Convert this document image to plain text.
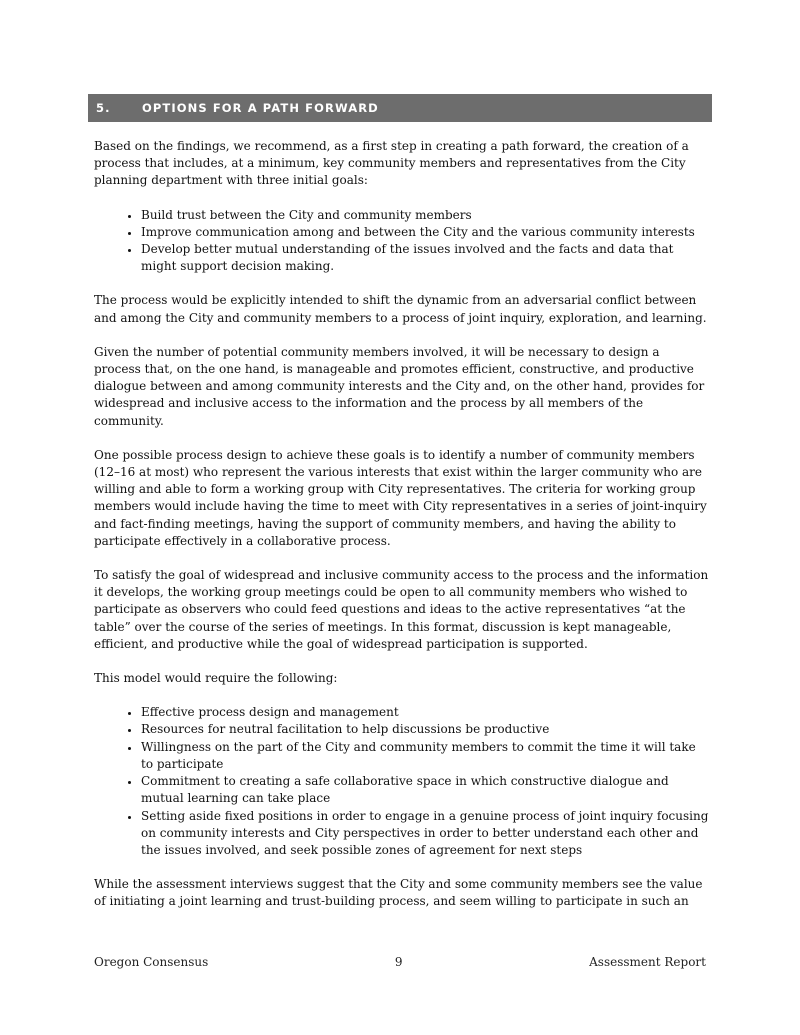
5.	OPTIONS FOR A PATH FORWARD

Based on the findings, we recommend, as a first step in creating a path forward, the creation of a process that includes, at a minimum, key community members and representatives from the City planning department with three initial goals:

• Build trust between the City and community members
• Improve communication among and between the City and the various community interests
• Develop better mutual understanding of the issues involved and the facts and data that might support decision making.

The process would be explicitly intended to shift the dynamic from an adversarial conflict between and among the City and community members to a process of joint inquiry, exploration, and learning.

Given the number of potential community members involved, it will be necessary to design a process that, on the one hand, is manageable and promotes efficient, constructive, and productive dialogue between and among community interests and the City and, on the other hand, provides for widespread and inclusive access to the information and the process by all members of the community.

One possible process design to achieve these goals is to identify a number of community members (12–16 at most) who represent the various interests that exist within the larger community who are willing and able to form a working group with City representatives. The criteria for working group members would include having the time to meet with City representatives in a series of joint-inquiry and fact-finding meetings, having the support of community members, and having the ability to participate effectively in a collaborative process.

To satisfy the goal of widespread and inclusive community access to the process and the information it develops, the working group meetings could be open to all community members who wished to participate as observers who could feed questions and ideas to the active representatives “at the table” over the course of the series of meetings. In this format, discussion is kept manageable, efficient, and productive while the goal of widespread participation is supported.

This model would require the following:

• Effective process design and management
• Resources for neutral facilitation to help discussions be productive
• Willingness on the part of the City and community members to commit the time it will take to participate
• Commitment to creating a safe collaborative space in which constructive dialogue and mutual learning can take place
• Setting aside fixed positions in order to engage in a genuine process of joint inquiry focusing on community interests and City perspectives in order to better understand each other and the issues involved, and seek possible zones of agreement for next steps

While the assessment interviews suggest that the City and some community members see the value of initiating a joint learning and trust-building process, and seem willing to participate in such an

Oregon Consensus	9	Assessment Report
